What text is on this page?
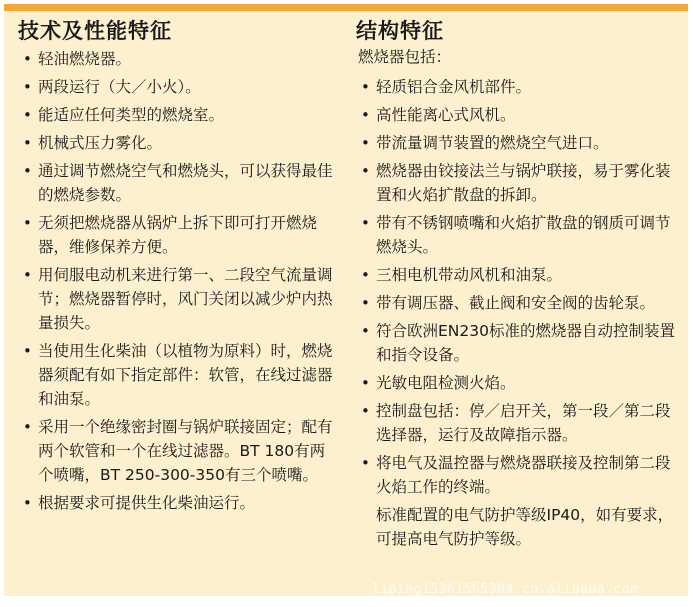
技术及性能特征
• 轻油燃烧器。
• 两段运行（大／小火）。
• 能适应任何类型的燃烧室。
• 机械式压力雾化。
• 通过调节燃烧空气和燃烧头，可以获得最佳的燃烧参数。
• 无须把燃烧器从锅炉上拆下即可打开燃烧器，维修保养方便。
• 用伺服电动机来进行第一、二段空气流量调节；燃烧器暂停时，风门关闭以减少炉内热量损失。
• 当使用生化柴油（以植物为原料）时，燃烧器须配有如下指定部件：软管，在线过滤器和油泵。
• 采用一个绝缘密封圈与锅炉联接固定；配有两个软管和一个在线过滤器。BT 180有两个喷嘴，BT 250-300-350有三个喷嘴。
• 根据要求可提供生化柴油运行。
结构特征
燃烧器包括：
• 轻质铝合金风机部件。
• 高性能离心式风机。
• 带流量调节装置的燃烧空气进口。
• 燃烧器由铰接法兰与锅炉联接，易于雾化装置和火焰扩散盘的拆卸。
• 带有不锈钢喷嘴和火焰扩散盘的钢质可调节燃烧头。
• 三相电机带动风机和油泵。
• 带有调压器、截止阀和安全阀的齿轮泵。
• 符合欧洲EN230标准的燃烧器自动控制装置和指令设备。
• 光敏电阻检测火焰。
• 控制盘包括：停／启开关，第一段／第二段选择器，运行及故障指示器。
• 将电气及温控器与燃烧器联接及控制第二段火焰工作的终端。
标准配置的电气防护等级IP40，如有要求，可提高电气防护等级。
liping15361565304.cn.alibaba.com
